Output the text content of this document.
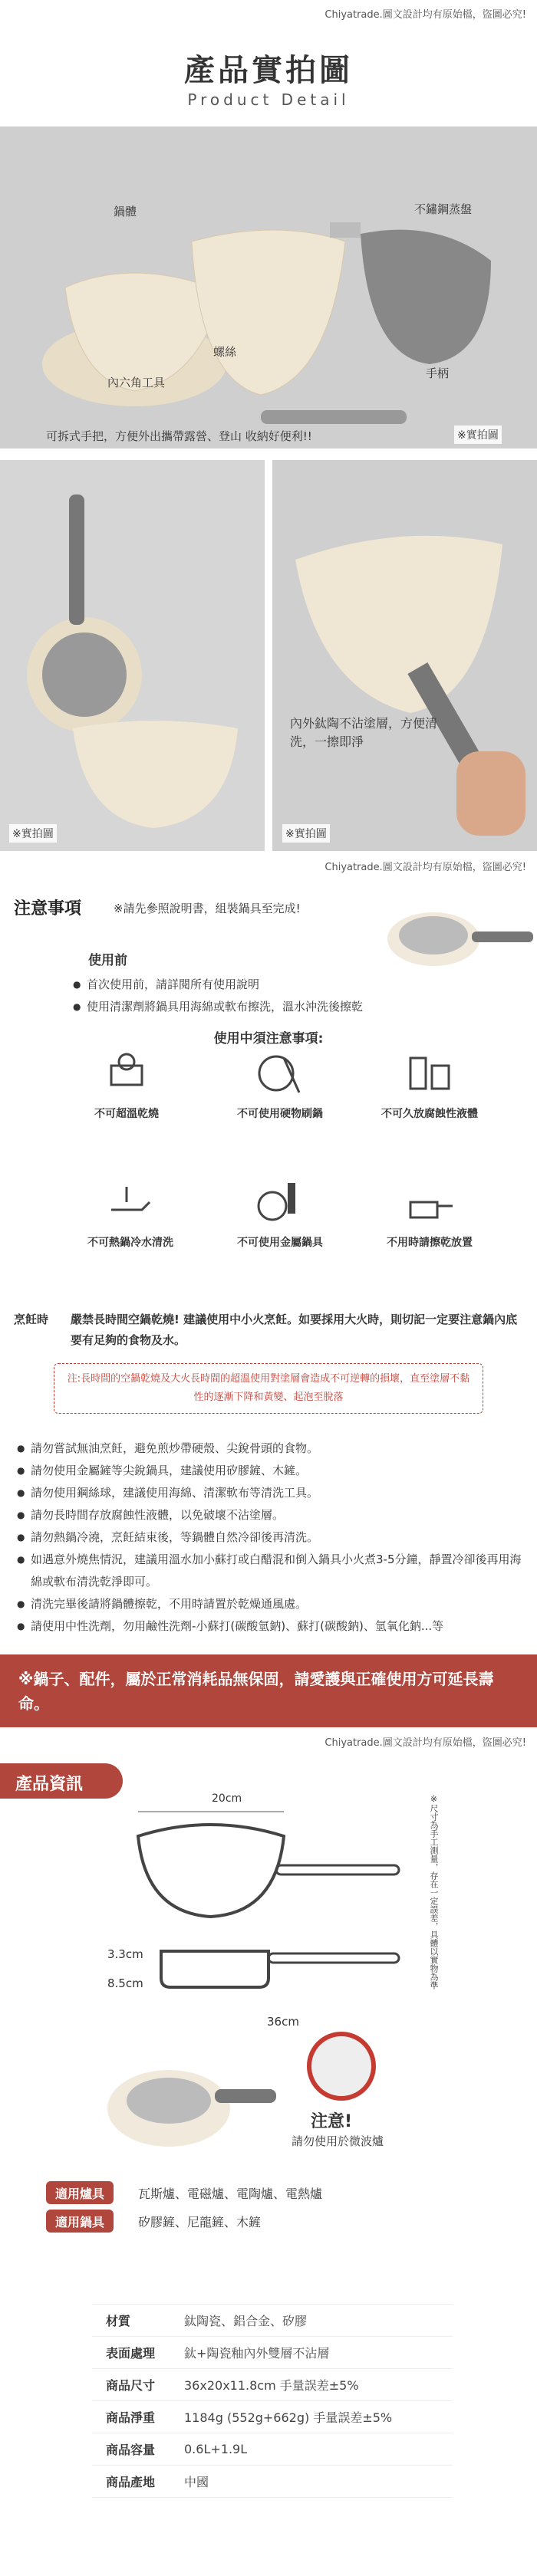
Chiyatrade.圖文設計均有原始檔，盜圖必究!
產品實拍圖
Product Detail
鍋體	不鏽鋼蒸盤
螺絲
內六角工具
手柄
可拆式手把，方便外出攜帶露營、登山 收納好便利!!	※實拍圖
※實拍圖
內外鈦陶不沾塗層，方便清洗，一擦即淨
※實拍圖
Chiyatrade.圖文設計均有原始檔，盜圖必究!
注意事項	※請先參照說明書，組裝鍋具至完成!
使用前
● 首次使用前，請詳閱所有使用說明
● 使用清潔劑將鍋具用海綿或軟布擦洗，溫水沖洗後擦乾
使用中須注意事項:
不可超溫乾燒	不可使用硬物刷鍋	不可久放腐蝕性液體
不可熱鍋冷水清洗	不可使用金屬鍋具	不用時請擦乾放置
烹飪時 嚴禁長時間空鍋乾燒! 建議使用中小火烹飪。如要採用大火時，則切記一定要注意鍋內底要有足夠的食物及水。
注:長時間的空鍋乾燒及大火長時間的超溫使用對塗層會造成不可逆轉的損壞，直至塗層不黏性的逐漸下降和黃變、起泡至脫落
● 請勿嘗試無油烹飪，避免煎炒帶硬殼、尖銳骨頭的食物。
● 請勿使用金屬鏟等尖銳鍋具，建議使用矽膠鏟、木鏟。
● 請勿使用鋼絲球，建議使用海綿、清潔軟布等清洗工具。
● 請勿長時間存放腐蝕性液體，以免破壞不沾塗層。
● 請勿熱鍋冷澆，烹飪結束後，等鍋體自然冷卻後再清洗。
● 如遇意外燒焦情況，建議用溫水加小蘇打或白醋混和倒入鍋具小火煮3-5分鐘，靜置冷卻後再用海綿或軟布清洗乾淨即可。
● 清洗完畢後請將鍋體擦乾，不用時請置於乾燥通風處。
● 請使用中性洗劑，勿用鹼性洗劑-小蘇打(碳酸氫鈉)、蘇打(碳酸鈉)、氫氧化鈉...等
※鍋子、配件，屬於正常消耗品無保固，請愛護與正確使用方可延長壽命。
Chiyatrade.圖文設計均有原始檔，盜圖必究!
產品資訊
20cm	※尺寸為手工測量，存在一定誤差，具體以實物為準
3.3cm
8.5cm
36cm
注意!
請勿使用於微波爐
適用爐具	瓦斯爐、電磁爐、電陶爐、電熱爐
適用鍋具	矽膠鏟、尼龍鏟、木鏟
材質	鈦陶瓷、鋁合金、矽膠
表面處理	鈦+陶瓷釉內外雙層不沾層
商品尺寸	36x20x11.8cm 手量誤差±5%
商品淨重	1184g (552g+662g) 手量誤差±5%
商品容量	0.6L+1.9L
商品產地	中國
